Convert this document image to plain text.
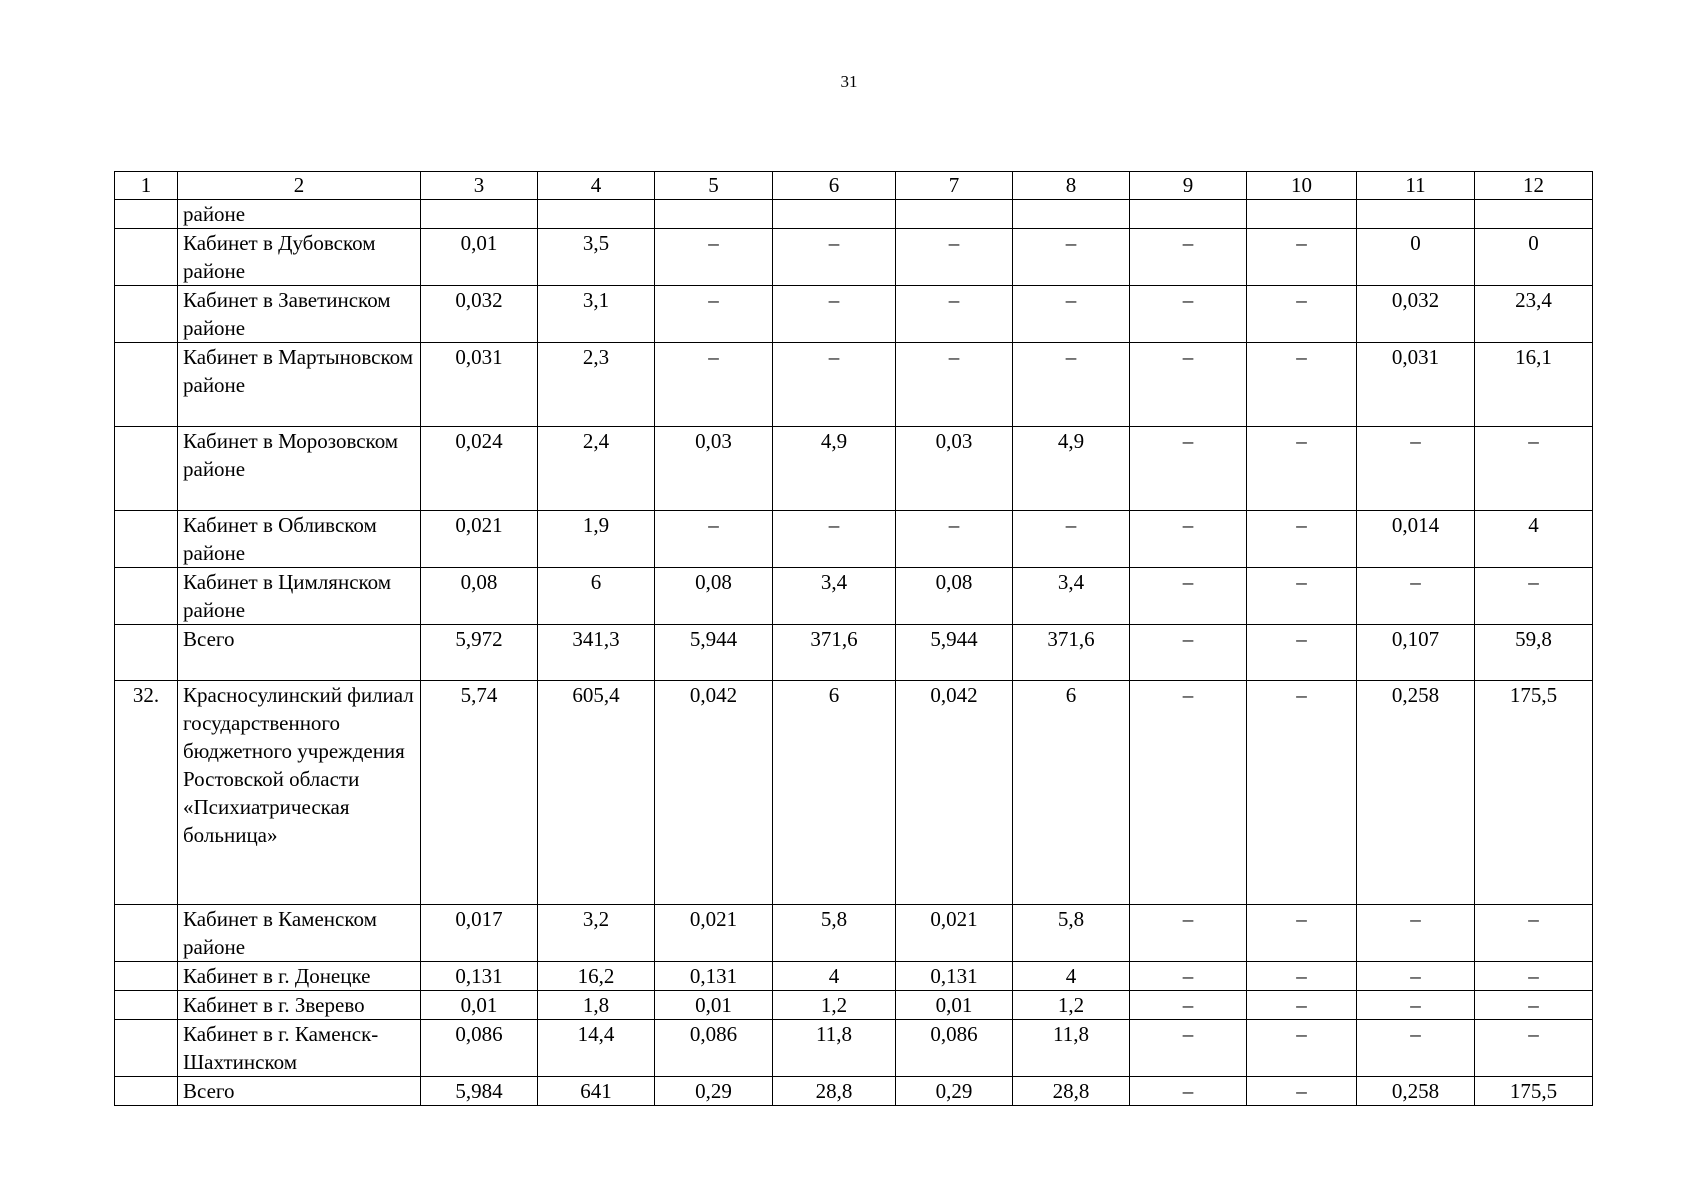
31
1	2	3	4	5	6	7	8	9	10	11	12
	районе										
	Кабинет в Дубовском районе	0,01	3,5	–	–	–	–	–	–	0	0
	Кабинет в Заветинском районе	0,032	3,1	–	–	–	–	–	–	0,032	23,4
	Кабинет в Мартыновском районе	0,031	2,3	–	–	–	–	–	–	0,031	16,1
	Кабинет в Морозовском районе	0,024	2,4	0,03	4,9	0,03	4,9	–	–	–	–
	Кабинет в Обливском районе	0,021	1,9	–	–	–	–	–	–	0,014	4
	Кабинет в Цимлянском районе	0,08	6	0,08	3,4	0,08	3,4	–	–	–	–
	Всего	5,972	341,3	5,944	371,6	5,944	371,6	–	–	0,107	59,8
32.	Красносулинский филиал государственного бюджетного учреждения Ростовской области «Психиатрическая больница»	5,74	605,4	0,042	6	0,042	6	–	–	0,258	175,5
	Кабинет в Каменском районе	0,017	3,2	0,021	5,8	0,021	5,8	–	–	–	–
	Кабинет в г. Донецке	0,131	16,2	0,131	4	0,131	4	–	–	–	–
	Кабинет в г. Зверево	0,01	1,8	0,01	1,2	0,01	1,2	–	–	–	–
	Кабинет в г. Каменск-Шахтинском	0,086	14,4	0,086	11,8	0,086	11,8	–	–	–	–
	Всего	5,984	641	0,29	28,8	0,29	28,8	–	–	0,258	175,5
